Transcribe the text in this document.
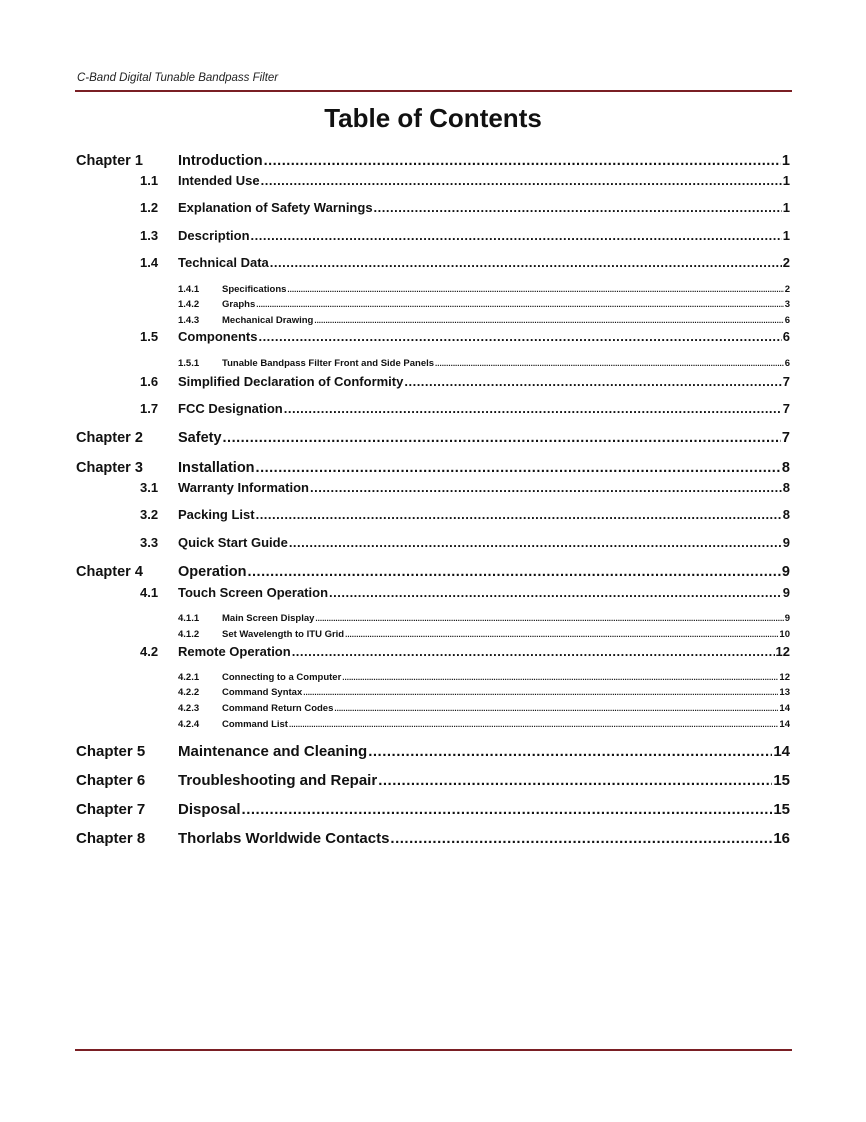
C-Band Digital Tunable Bandpass Filter
Table of Contents
Chapter 1 Introduction .....	1
1.1 Intended Use .....	1
1.2 Explanation of Safety Warnings .....	1
1.3 Description .....	1
1.4 Technical Data .....	2
1.4.1 Specifications .....	2
1.4.2 Graphs .....	3
1.4.3 Mechanical Drawing .....	6
1.5 Components .....	6
1.5.1 Tunable Bandpass Filter Front and Side Panels .....	6
1.6 Simplified Declaration of Conformity .....	7
1.7 FCC Designation .....	7
Chapter 2 Safety .....	7
Chapter 3 Installation .....	8
3.1 Warranty Information .....	8
3.2 Packing List .....	8
3.3 Quick Start Guide .....	9
Chapter 4 Operation .....	9
4.1 Touch Screen Operation .....	9
4.1.1 Main Screen Display .....	9
4.1.2 Set Wavelength to ITU Grid .....	10
4.2 Remote Operation .....	12
4.2.1 Connecting to a Computer .....	12
4.2.2 Command Syntax .....	13
4.2.3 Command Return Codes .....	14
4.2.4 Command List .....	14
Chapter 5 Maintenance and Cleaning .....	14
Chapter 6 Troubleshooting and Repair .....	15
Chapter 7 Disposal .....	15
Chapter 8 Thorlabs Worldwide Contacts .....	16
